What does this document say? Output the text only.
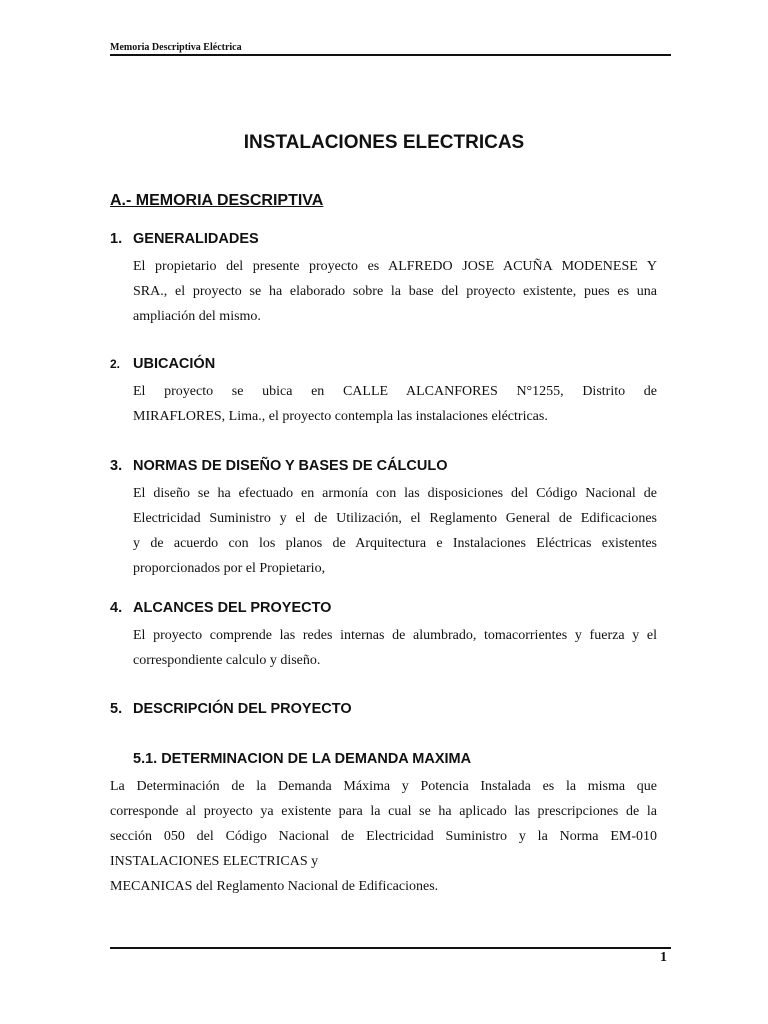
Memoria Descriptiva Eléctrica
INSTALACIONES ELECTRICAS
A.- MEMORIA DESCRIPTIVA
1. GENERALIDADES
El propietario del presente proyecto es ALFREDO JOSE ACUÑA MODENESE Y
SRA., el proyecto se ha elaborado sobre la base del proyecto existente, pues es una
ampliación del mismo.
2. UBICACIÓN
El proyecto se ubica en CALLE ALCANFORES N°1255, Distrito de
MIRAFLORES, Lima., el proyecto contempla las instalaciones eléctricas.
3. NORMAS DE DISEÑO Y BASES DE CÁLCULO
El diseño se ha efectuado en armonía con las disposiciones del Código Nacional de
Electricidad Suministro y el de Utilización, el Reglamento General de Edificaciones
y de acuerdo con los planos de Arquitectura e Instalaciones Eléctricas existentes
proporcionados por el Propietario,
4. ALCANCES DEL PROYECTO
El proyecto comprende las redes internas de alumbrado, tomacorrientes y fuerza y el
correspondiente calculo y diseño.
5. DESCRIPCIÓN DEL PROYECTO
5.1. DETERMINACION DE LA DEMANDA MAXIMA
La Determinación de la Demanda Máxima y Potencia Instalada es la misma que
corresponde al proyecto ya existente para la cual se ha aplicado las prescripciones de la
sección 050 del Código Nacional de Electricidad Suministro y la Norma EM-010
INSTALACIONES ELECTRICAS y
MECANICAS del Reglamento Nacional de Edificaciones.
1
